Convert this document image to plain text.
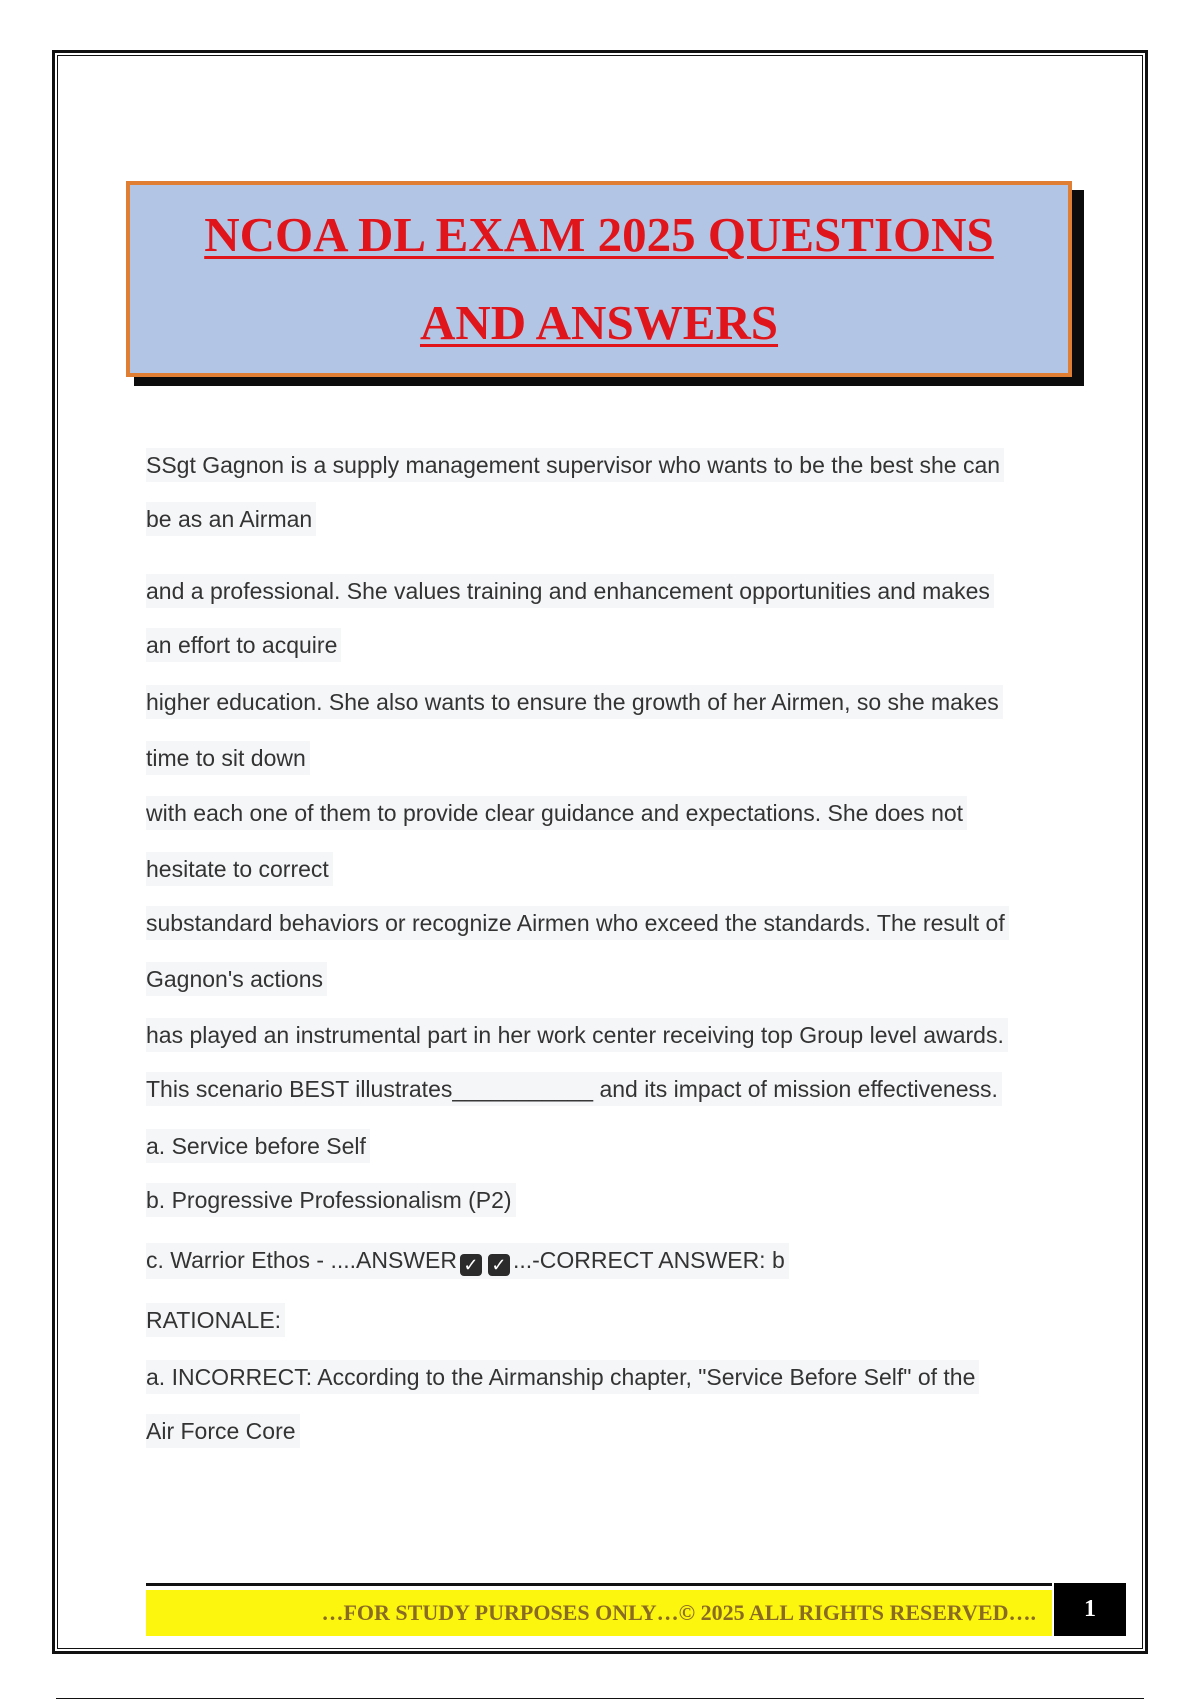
NCOA DL EXAM 2025 QUESTIONS
AND ANSWERS

SSgt Gagnon is a supply management supervisor who wants to be the best she can

be as an Airman

and a professional. She values training and enhancement opportunities and makes

an effort to acquire

higher education. She also wants to ensure the growth of her Airmen, so she makes

time to sit down

with each one of them to provide clear guidance and expectations. She does not

hesitate to correct

substandard behaviors or recognize Airmen who exceed the standards. The result of

Gagnon's actions

has played an instrumental part in her work center receiving top Group level awards.

This scenario BEST illustrates___________ and its impact of mission effectiveness.

a. Service before Self

b. Progressive Professionalism (P2)

c. Warrior Ethos - ....ANSWER ✓ ✓ ...-CORRECT ANSWER: b

RATIONALE:

a. INCORRECT: According to the Airmanship chapter, "Service Before Self" of the

Air Force Core

…FOR STUDY PURPOSES ONLY…© 2025 ALL RIGHTS RESERVED….	1
